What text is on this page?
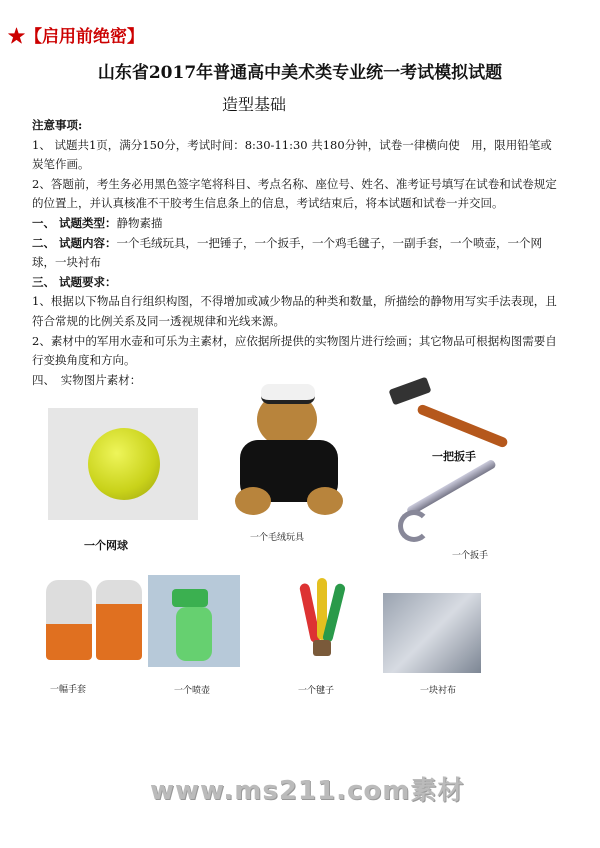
★【启用前绝密】
山东省2017年普通高中美术类专业统一考试模拟试题
造型基础

注意事项:

1、 试题共1页，满分150分，考试时间：8:30-11:30 共180分钟，试卷一律横向使　用，限用铅笔或炭笔作画。

2、答题前，考生务必用黑色签字笔将科目、考点名称、座位号、姓名、准考证号填写在试卷和试卷规定的位置上，并认真核准不干胶考生信息条上的信息，考试结束后，将本试题和试卷一并交回。

一、 试题类型：静物素描

二、 试题内容：一个毛绒玩具，一把锤子，一个扳手，一个鸡毛毽子，一副手套，一个喷壶，一个网球，一块衬布

三、 试题要求：

1、根据以下物品自行组织构图，不得增加或减少物品的种类和数量，所描绘的静物用写实手法表现，且符合常规的比例关系及同一透视规律和光线来源。

2、素材中的军用水壶和可乐为主素材，应依据所提供的实物图片进行绘画；其它物品可根据构图需要自行变换角度和方向。

四、　实物图片素材：

一个网球
一个毛绒玩具
一把扳手
一个扳手
一幅手套	一个喷壶	一个毽子	一块衬布
www.ms211.com素材
